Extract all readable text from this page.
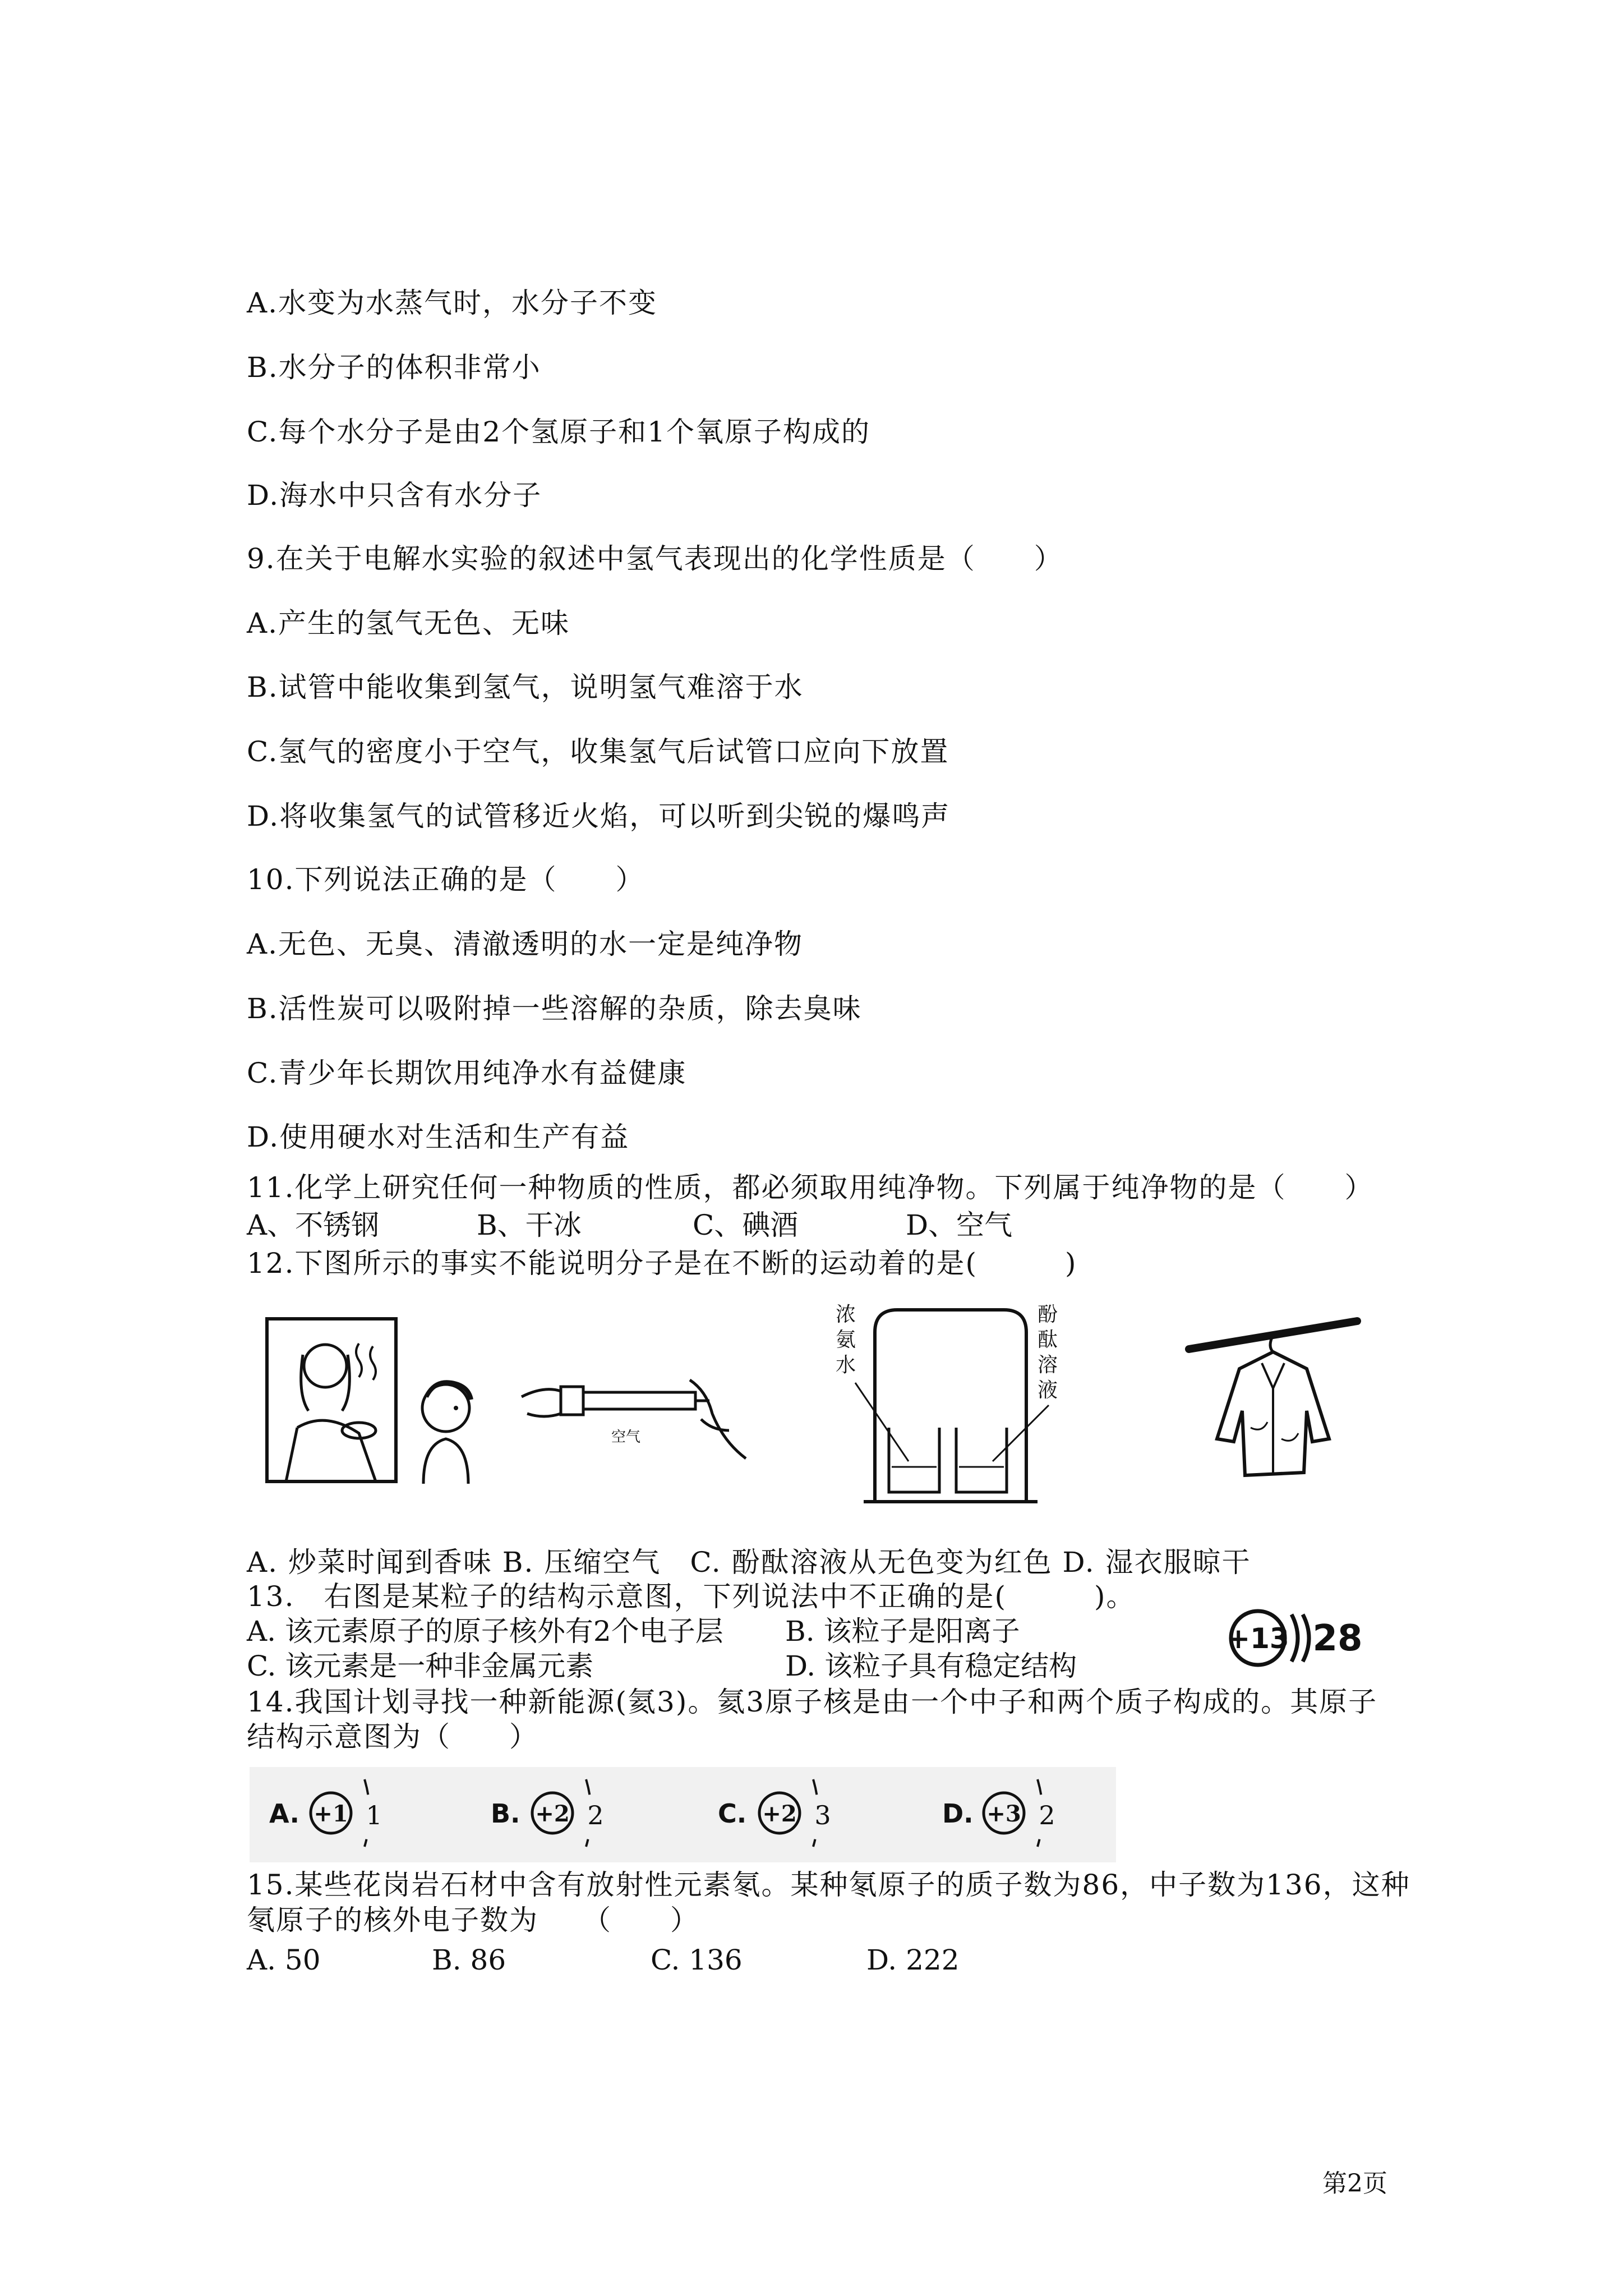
A.水变为水蒸气时，水分子不变
B.水分子的体积非常小
C.每个水分子是由2个氢原子和1个氧原子构成的
D.海水中只含有水分子
9.在关于电解水实验的叙述中氢气表现出的化学性质是（　　）
A.产生的氢气无色、无味
B.试管中能收集到氢气，说明氢气难溶于水
C.氢气的密度小于空气，收集氢气后试管口应向下放置
D.将收集氢气的试管移近火焰，可以听到尖锐的爆鸣声
10.下列说法正确的是（　　）
A.无色、无臭、清澈透明的水一定是纯净物
B.活性炭可以吸附掉一些溶解的杂质，除去臭味
C.青少年长期饮用纯净水有益健康
D.使用硬水对生活和生产有益
11.化学上研究任何一种物质的性质，都必须取用纯净物。下列属于纯净物的是（　　）
A、不锈钢	B、干冰	C、碘酒	D、空气
12.下图所示的事实不能说明分子是在不断的运动着的是(　　　)
空气
浓
氨
水
酚
酞
溶
液
A. 炒菜时闻到香味 B. 压缩空气　C. 酚酞溶液从无色变为红色 D. 湿衣服晾干
13.　右图是某粒子的结构示意图，下列说法中不正确的是(　　　)。
A. 该元素原子的原子核外有2个电子层 B. 该粒子是阳离子
C. 该元素是一种非金属元素	D. 该粒子具有稳定结构
+13 28
14.我国计划寻找一种新能源(氦3)。氦3原子核是由一个中子和两个质子构成的。其原子
结构示意图为（　　）
A. +1 1	B. +2 2	C. +2 3	D. +3 2
15.某些花岗岩石材中含有放射性元素氡。某种氡原子的质子数为86，中子数为136，这种
氡原子的核外电子数为　　（　　）
A. 50	B. 86	C. 136	D. 222
第2页
浓氨水	酚酞溶液
